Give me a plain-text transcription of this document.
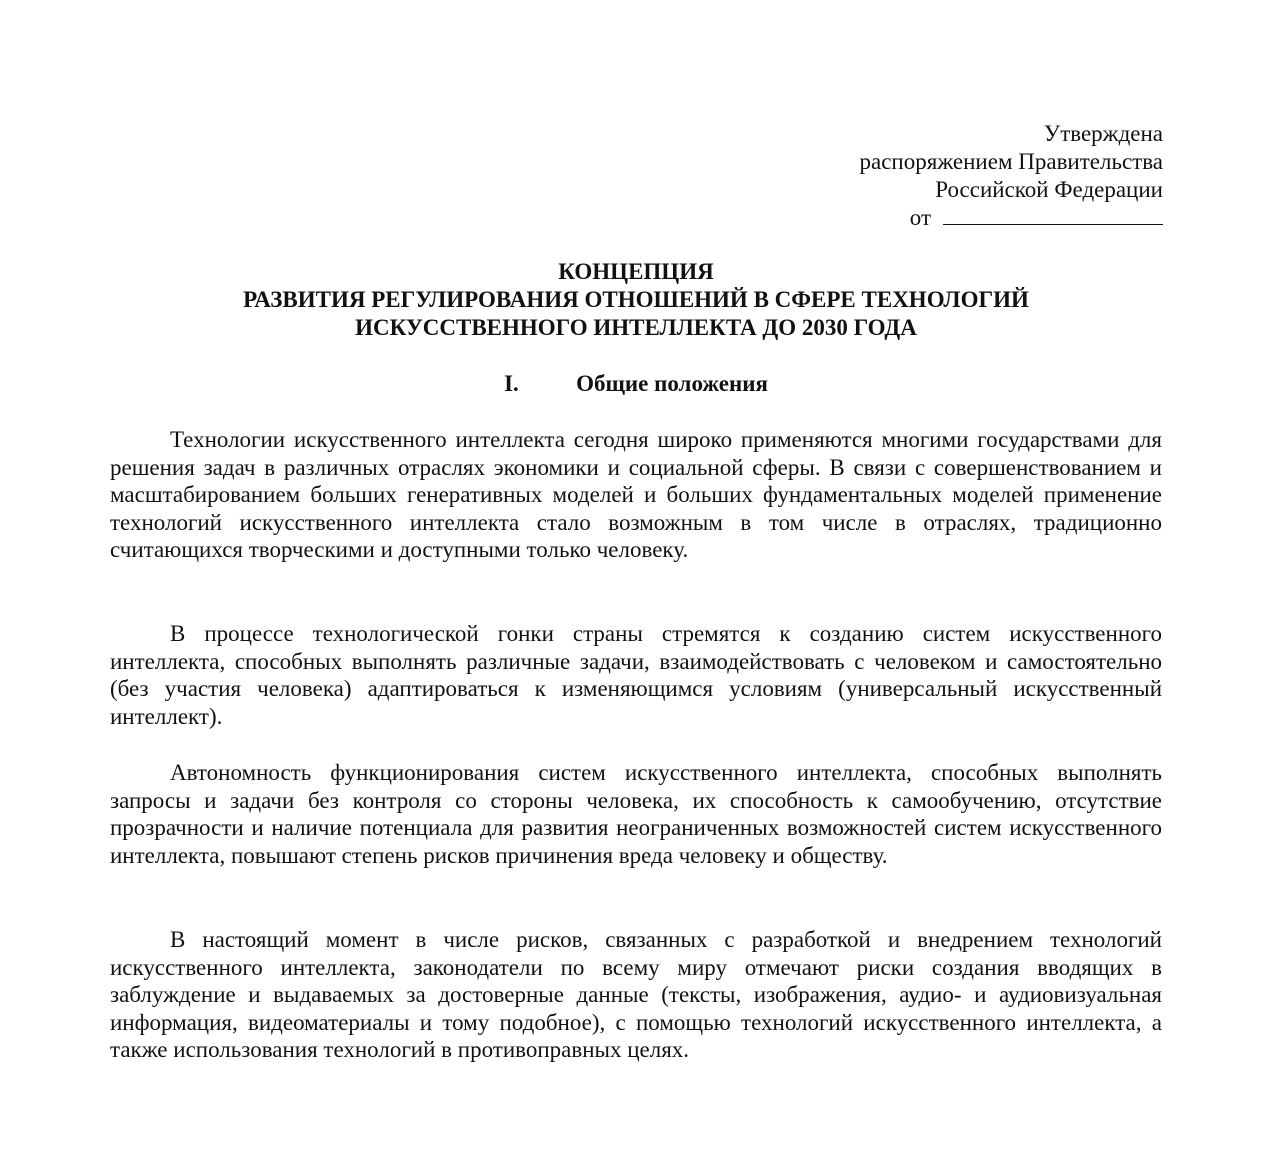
Утверждена
распоряжением Правительства
Российской Федерации
от
КОНЦЕПЦИЯ
РАЗВИТИЯ РЕГУЛИРОВАНИЯ ОТНОШЕНИЙ В СФЕРЕ ТЕХНОЛОГИЙ
ИСКУССТВЕННОГО ИНТЕЛЛЕКТА ДО 2030 ГОДА
I. Общие положения

Технологии искусственного интеллекта сегодня широко применяются многими государствами для решения задач в различных отраслях экономики и социальной сферы. В связи с совершенствованием и масштабированием больших генеративных моделей и больших фундаментальных моделей применение технологий искусственного интеллекта стало возможным в том числе в отраслях, традиционно считающихся творческими и доступными только человеку.

В процессе технологической гонки страны стремятся к созданию систем искусственного интеллекта, способных выполнять различные задачи, взаимодействовать с человеком и самостоятельно (без участия человека) адаптироваться к изменяющимся условиям (универсальный искусственный интеллект).

Автономность функционирования систем искусственного интеллекта, способных выполнять запросы и задачи без контроля со стороны человека, их способность к самообучению, отсутствие прозрачности и наличие потенциала для развития неограниченных возможностей систем искусственного интеллекта, повышают степень рисков причинения вреда человеку и обществу.

В настоящий момент в числе рисков, связанных с разработкой и внедрением технологий искусственного интеллекта, законодатели по всему миру отмечают риски создания вводящих в заблуждение и выдаваемых за достоверные данные (тексты, изображения, аудио- и аудиовизуальная информация, видеоматериалы и тому подобное), с помощью технологий искусственного интеллекта, а также использования технологий в противоправных целях.
